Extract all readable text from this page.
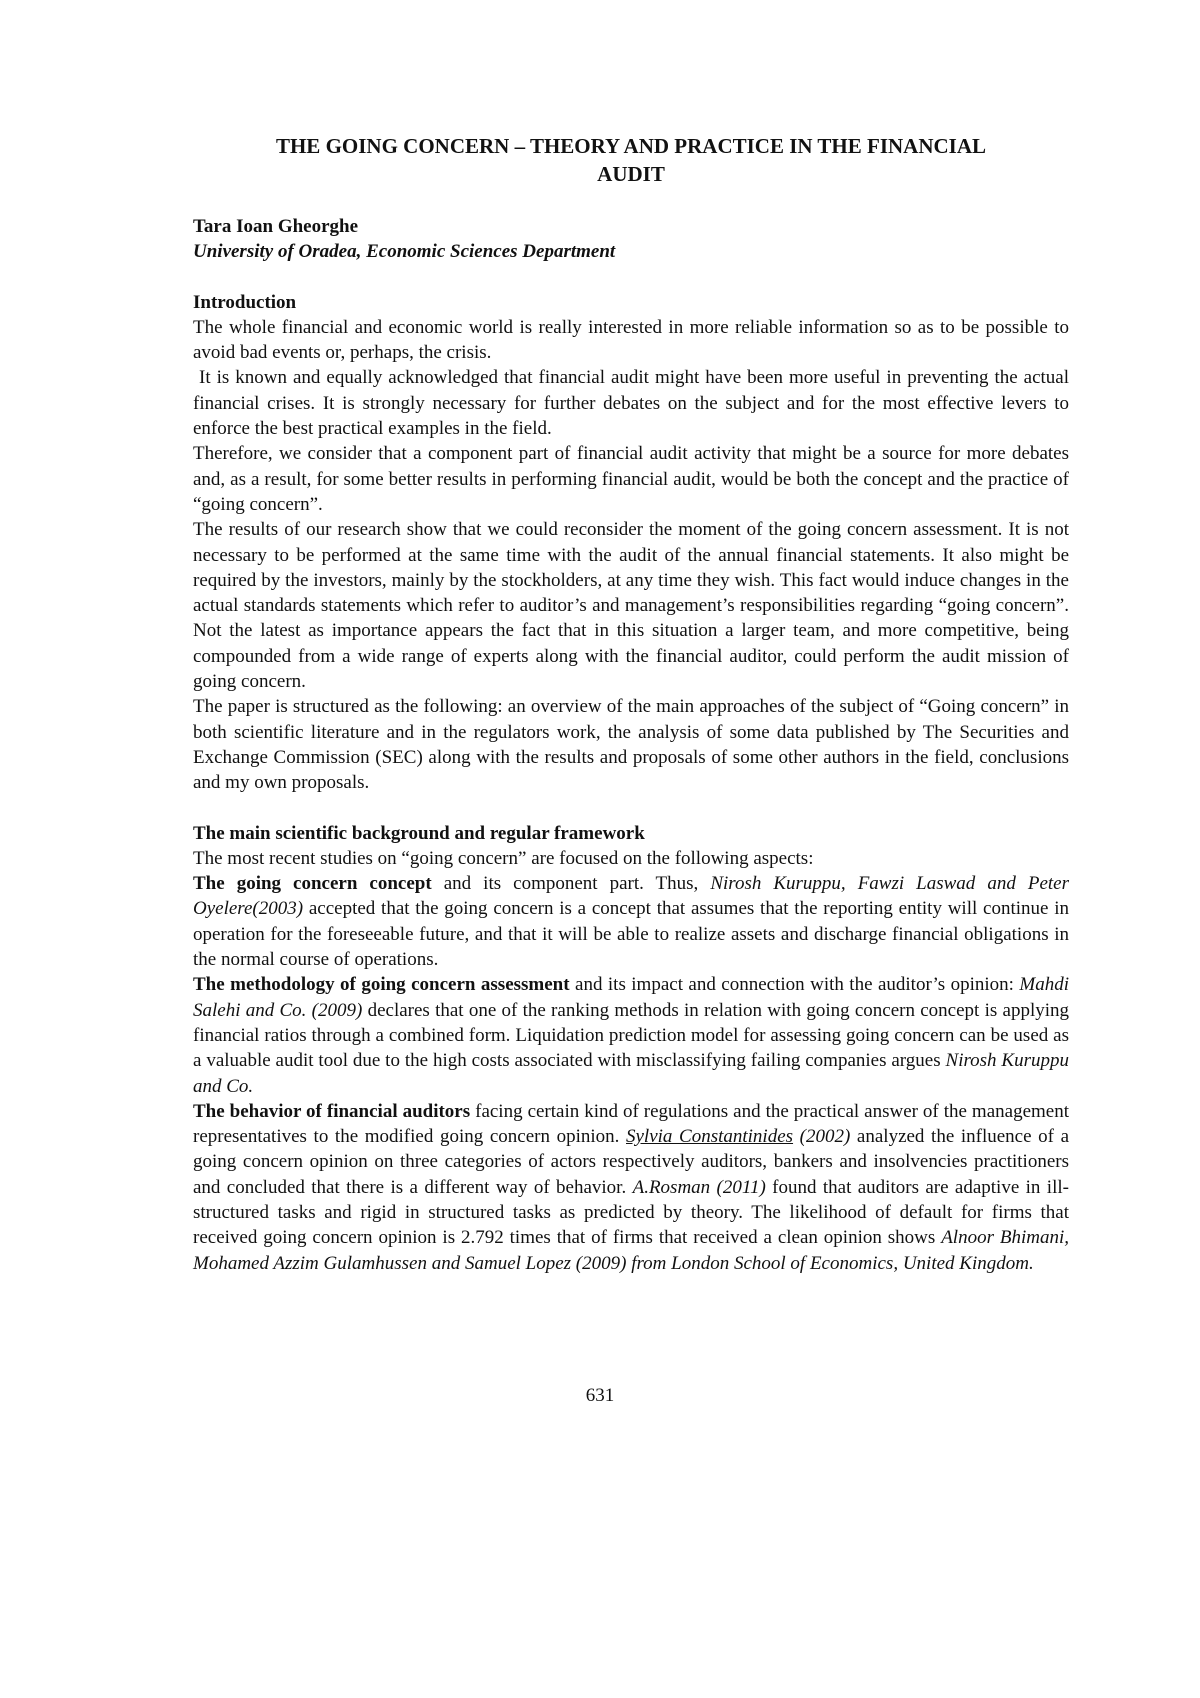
THE GOING CONCERN – THEORY AND PRACTICE IN THE FINANCIAL
AUDIT

Tara Ioan Gheorghe

University of Oradea, Economic Sciences Department

Introduction

The whole financial and economic world is really interested in more reliable information so as to be possible to avoid bad events or, perhaps, the crisis.

It is known and equally acknowledged that financial audit might have been more useful in preventing the actual financial crises. It is strongly necessary for further debates on the subject and for the most effective levers to enforce the best practical examples in the field.

Therefore, we consider that a component part of financial audit activity that might be a source for more debates and, as a result, for some better results in performing financial audit, would be both the concept and the practice of “going concern”.

The results of our research show that we could reconsider the moment of the going concern assessment. It is not necessary to be performed at the same time with the audit of the annual financial statements. It also might be required by the investors, mainly by the stockholders, at any time they wish. This fact would induce changes in the actual standards statements which refer to auditor’s and management’s responsibilities regarding “going concern”. Not the latest as importance appears the fact that in this situation a larger team, and more competitive, being compounded from a wide range of experts along with the financial auditor, could perform the audit mission of going concern.

The paper is structured as the following: an overview of the main approaches of the subject of “Going concern” in both scientific literature and in the regulators work, the analysis of some data published by The Securities and Exchange Commission (SEC) along with the results and proposals of some other authors in the field, conclusions and my own proposals.

The main scientific background and regular framework

The most recent studies on “going concern” are focused on the following aspects:

The going concern concept and its component part. Thus, Nirosh Kuruppu, Fawzi Laswad and Peter Oyelere(2003) accepted that the going concern is a concept that assumes that the reporting entity will continue in operation for the foreseeable future, and that it will be able to realize assets and discharge financial obligations in the normal course of operations.

The methodology of going concern assessment and its impact and connection with the auditor’s opinion: Mahdi Salehi and Co. (2009) declares that one of the ranking methods in relation with going concern concept is applying financial ratios through a combined form. Liquidation prediction model for assessing going concern can be used as a valuable audit tool due to the high costs associated with misclassifying failing companies argues Nirosh Kuruppu and Co.

The behavior of financial auditors facing certain kind of regulations and the practical answer of the management representatives to the modified going concern opinion. Sylvia Constantinides (2002) analyzed the influence of a going concern opinion on three categories of actors respectively auditors, bankers and insolvencies practitioners and concluded that there is a different way of behavior. A.Rosman (2011) found that auditors are adaptive in ill-structured tasks and rigid in structured tasks as predicted by theory. The likelihood of default for firms that received going concern opinion is 2.792 times that of firms that received a clean opinion shows Alnoor Bhimani, Mohamed Azzim Gulamhussen and Samuel Lopez (2009) from London School of Economics, United Kingdom.

631
